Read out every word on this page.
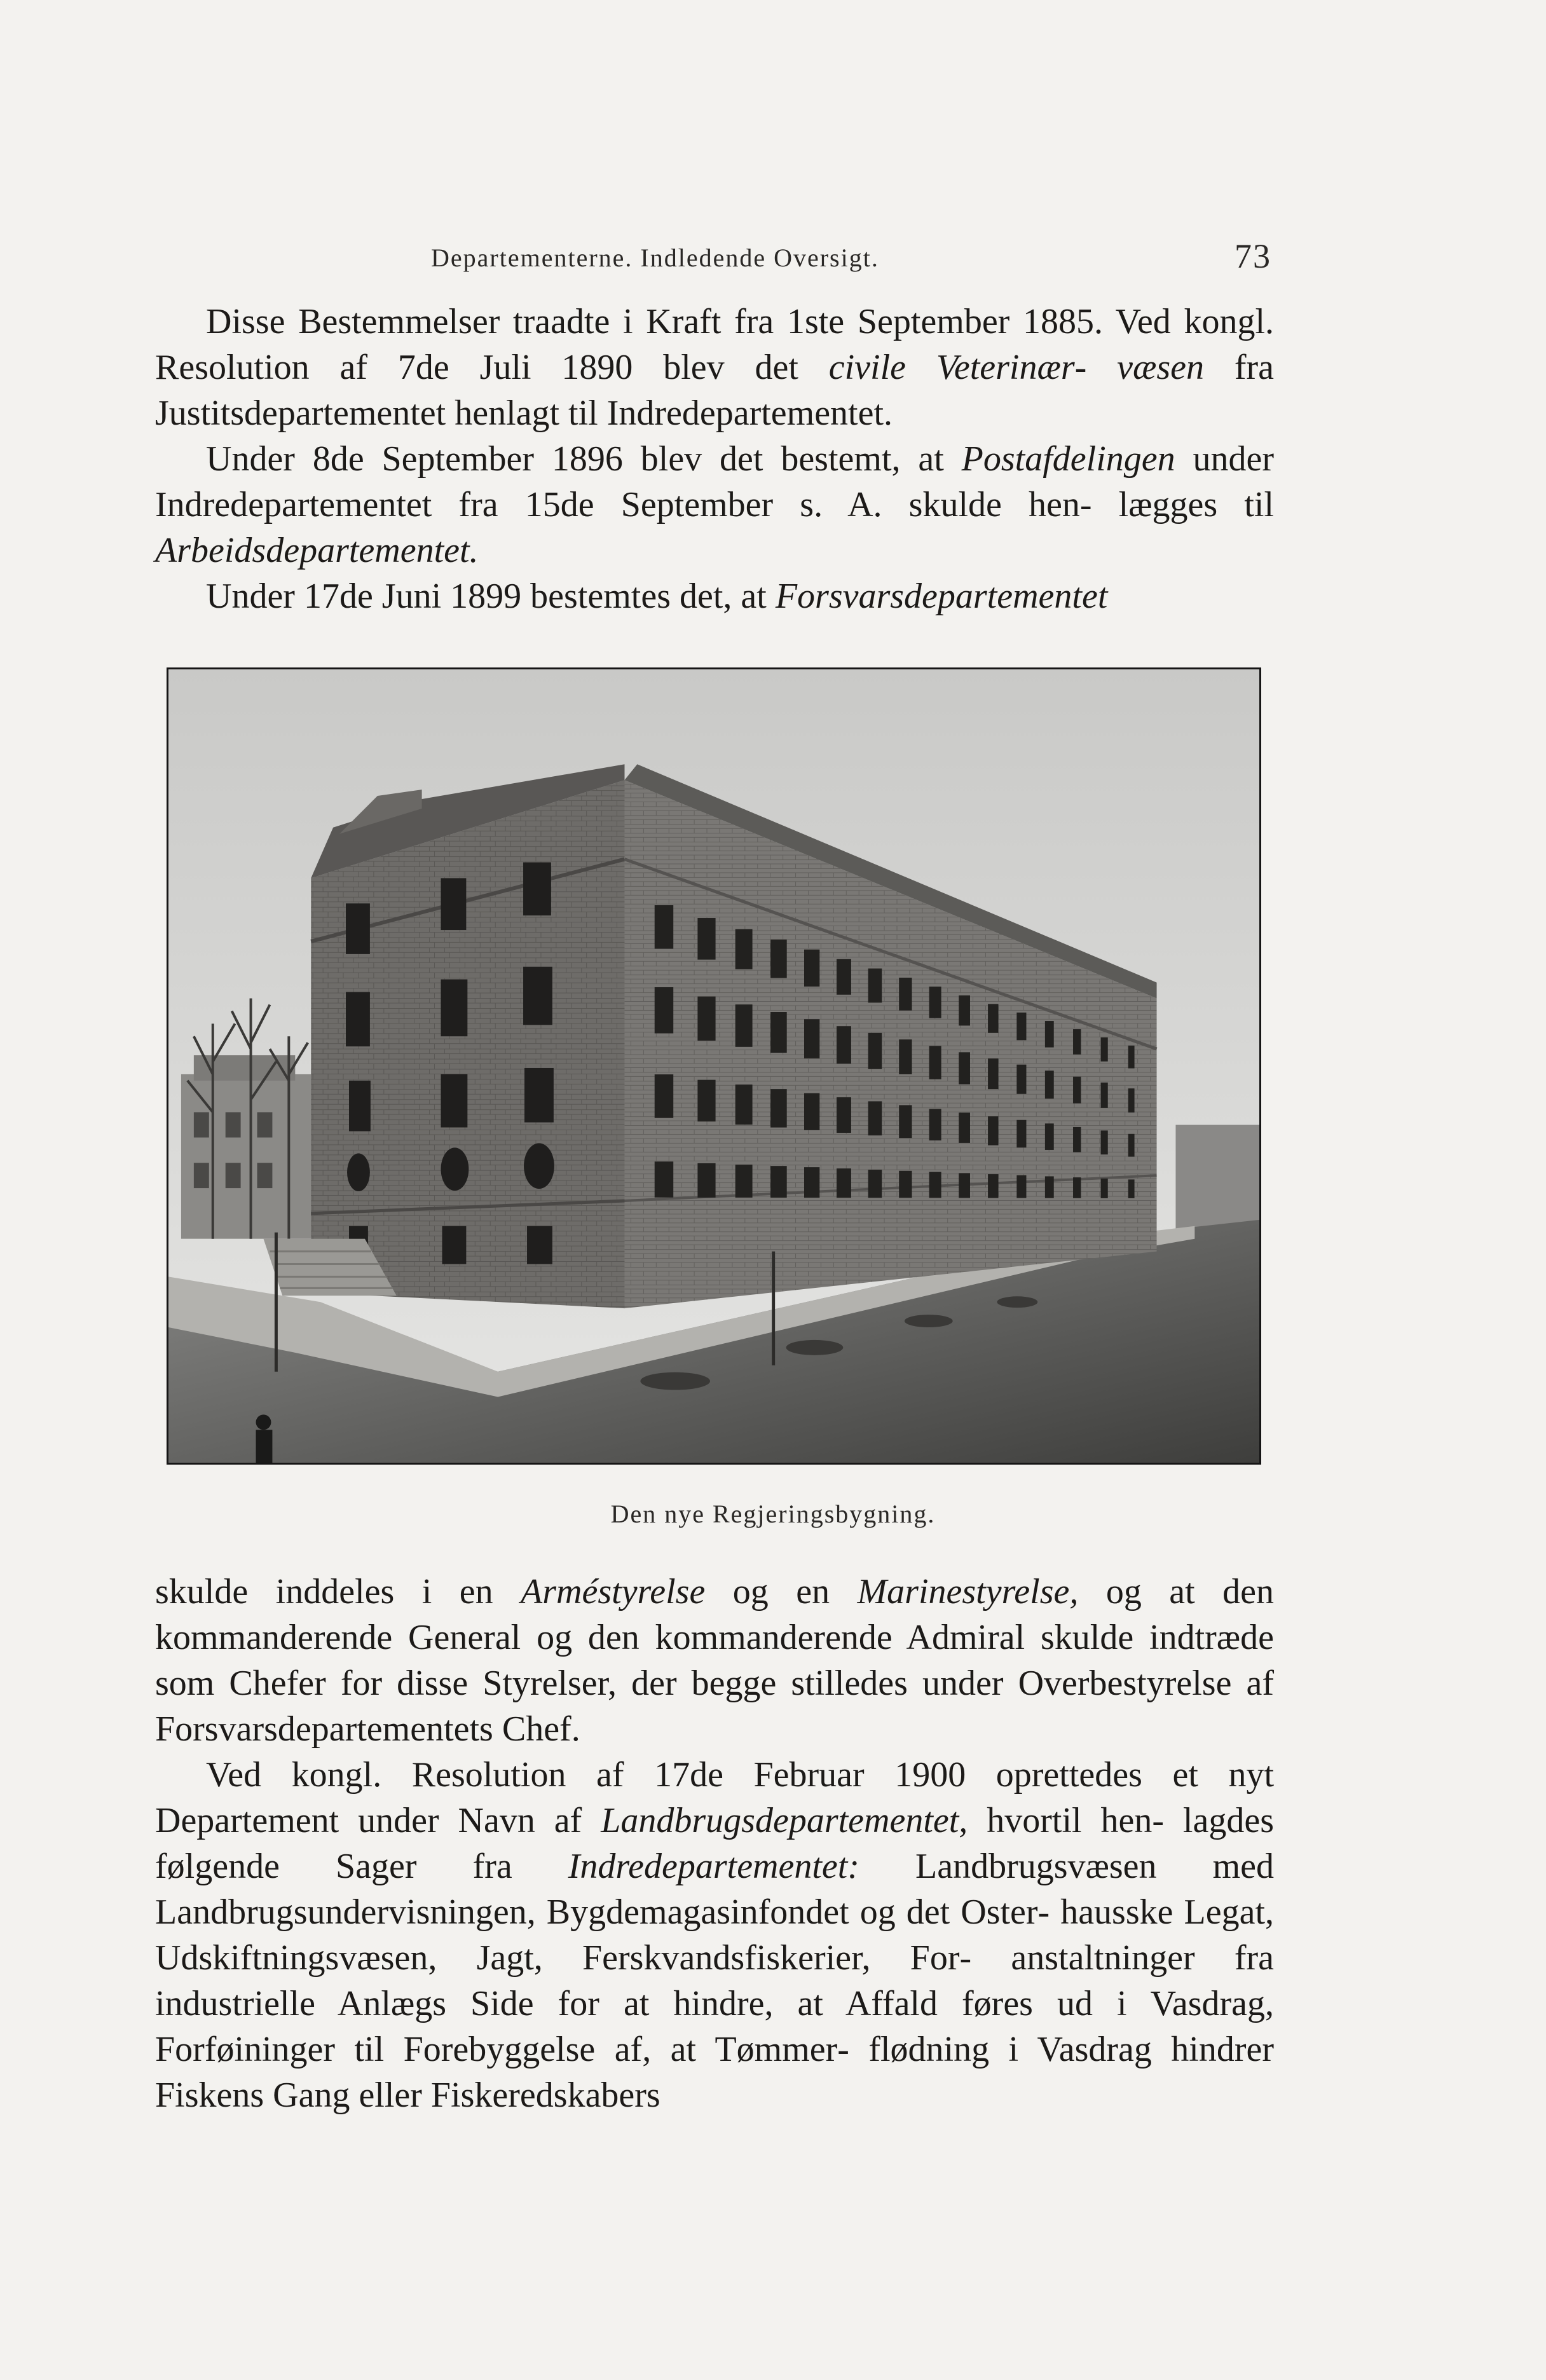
Departementerne. Indledende Oversigt.	73

Disse Bestemmelser traadte i Kraft fra 1ste September 1885. Ved kongl. Resolution af 7de Juli 1890 blev det civile Veterinær‑ væsen fra Justitsdepartementet henlagt til Indredepartementet.

Under 8de September 1896 blev det bestemt, at Postafdelingen under Indredepartementet fra 15de September s. A. skulde hen‑ lægges til Arbeidsdepartementet.

Under 17de Juni 1899 bestemtes det, at Forsvarsdepartementet

Den nye Regjeringsbygning.

skulde inddeles i en Arméstyrelse og en Marinestyrelse, og at den kommanderende General og den kommanderende Admiral skulde indtræde som Chefer for disse Styrelser, der begge stilledes under Overbestyrelse af Forsvarsdepartementets Chef.

Ved kongl. Resolution af 17de Februar 1900 oprettedes et nyt Departement under Navn af Landbrugsdepartementet, hvortil hen‑ lagdes følgende Sager fra Indredepartementet: Landbrugsvæsen med Landbrugsundervisningen, Bygdemagasinfondet og det Oster‑ hausske Legat, Udskiftningsvæsen, Jagt, Ferskvandsfiskerier, For‑ anstaltninger fra industrielle Anlægs Side for at hindre, at Affald føres ud i Vasdrag, Forføininger til Forebyggelse af, at Tømmer‑ flødning i Vasdrag hindrer Fiskens Gang eller Fiskeredskabers
